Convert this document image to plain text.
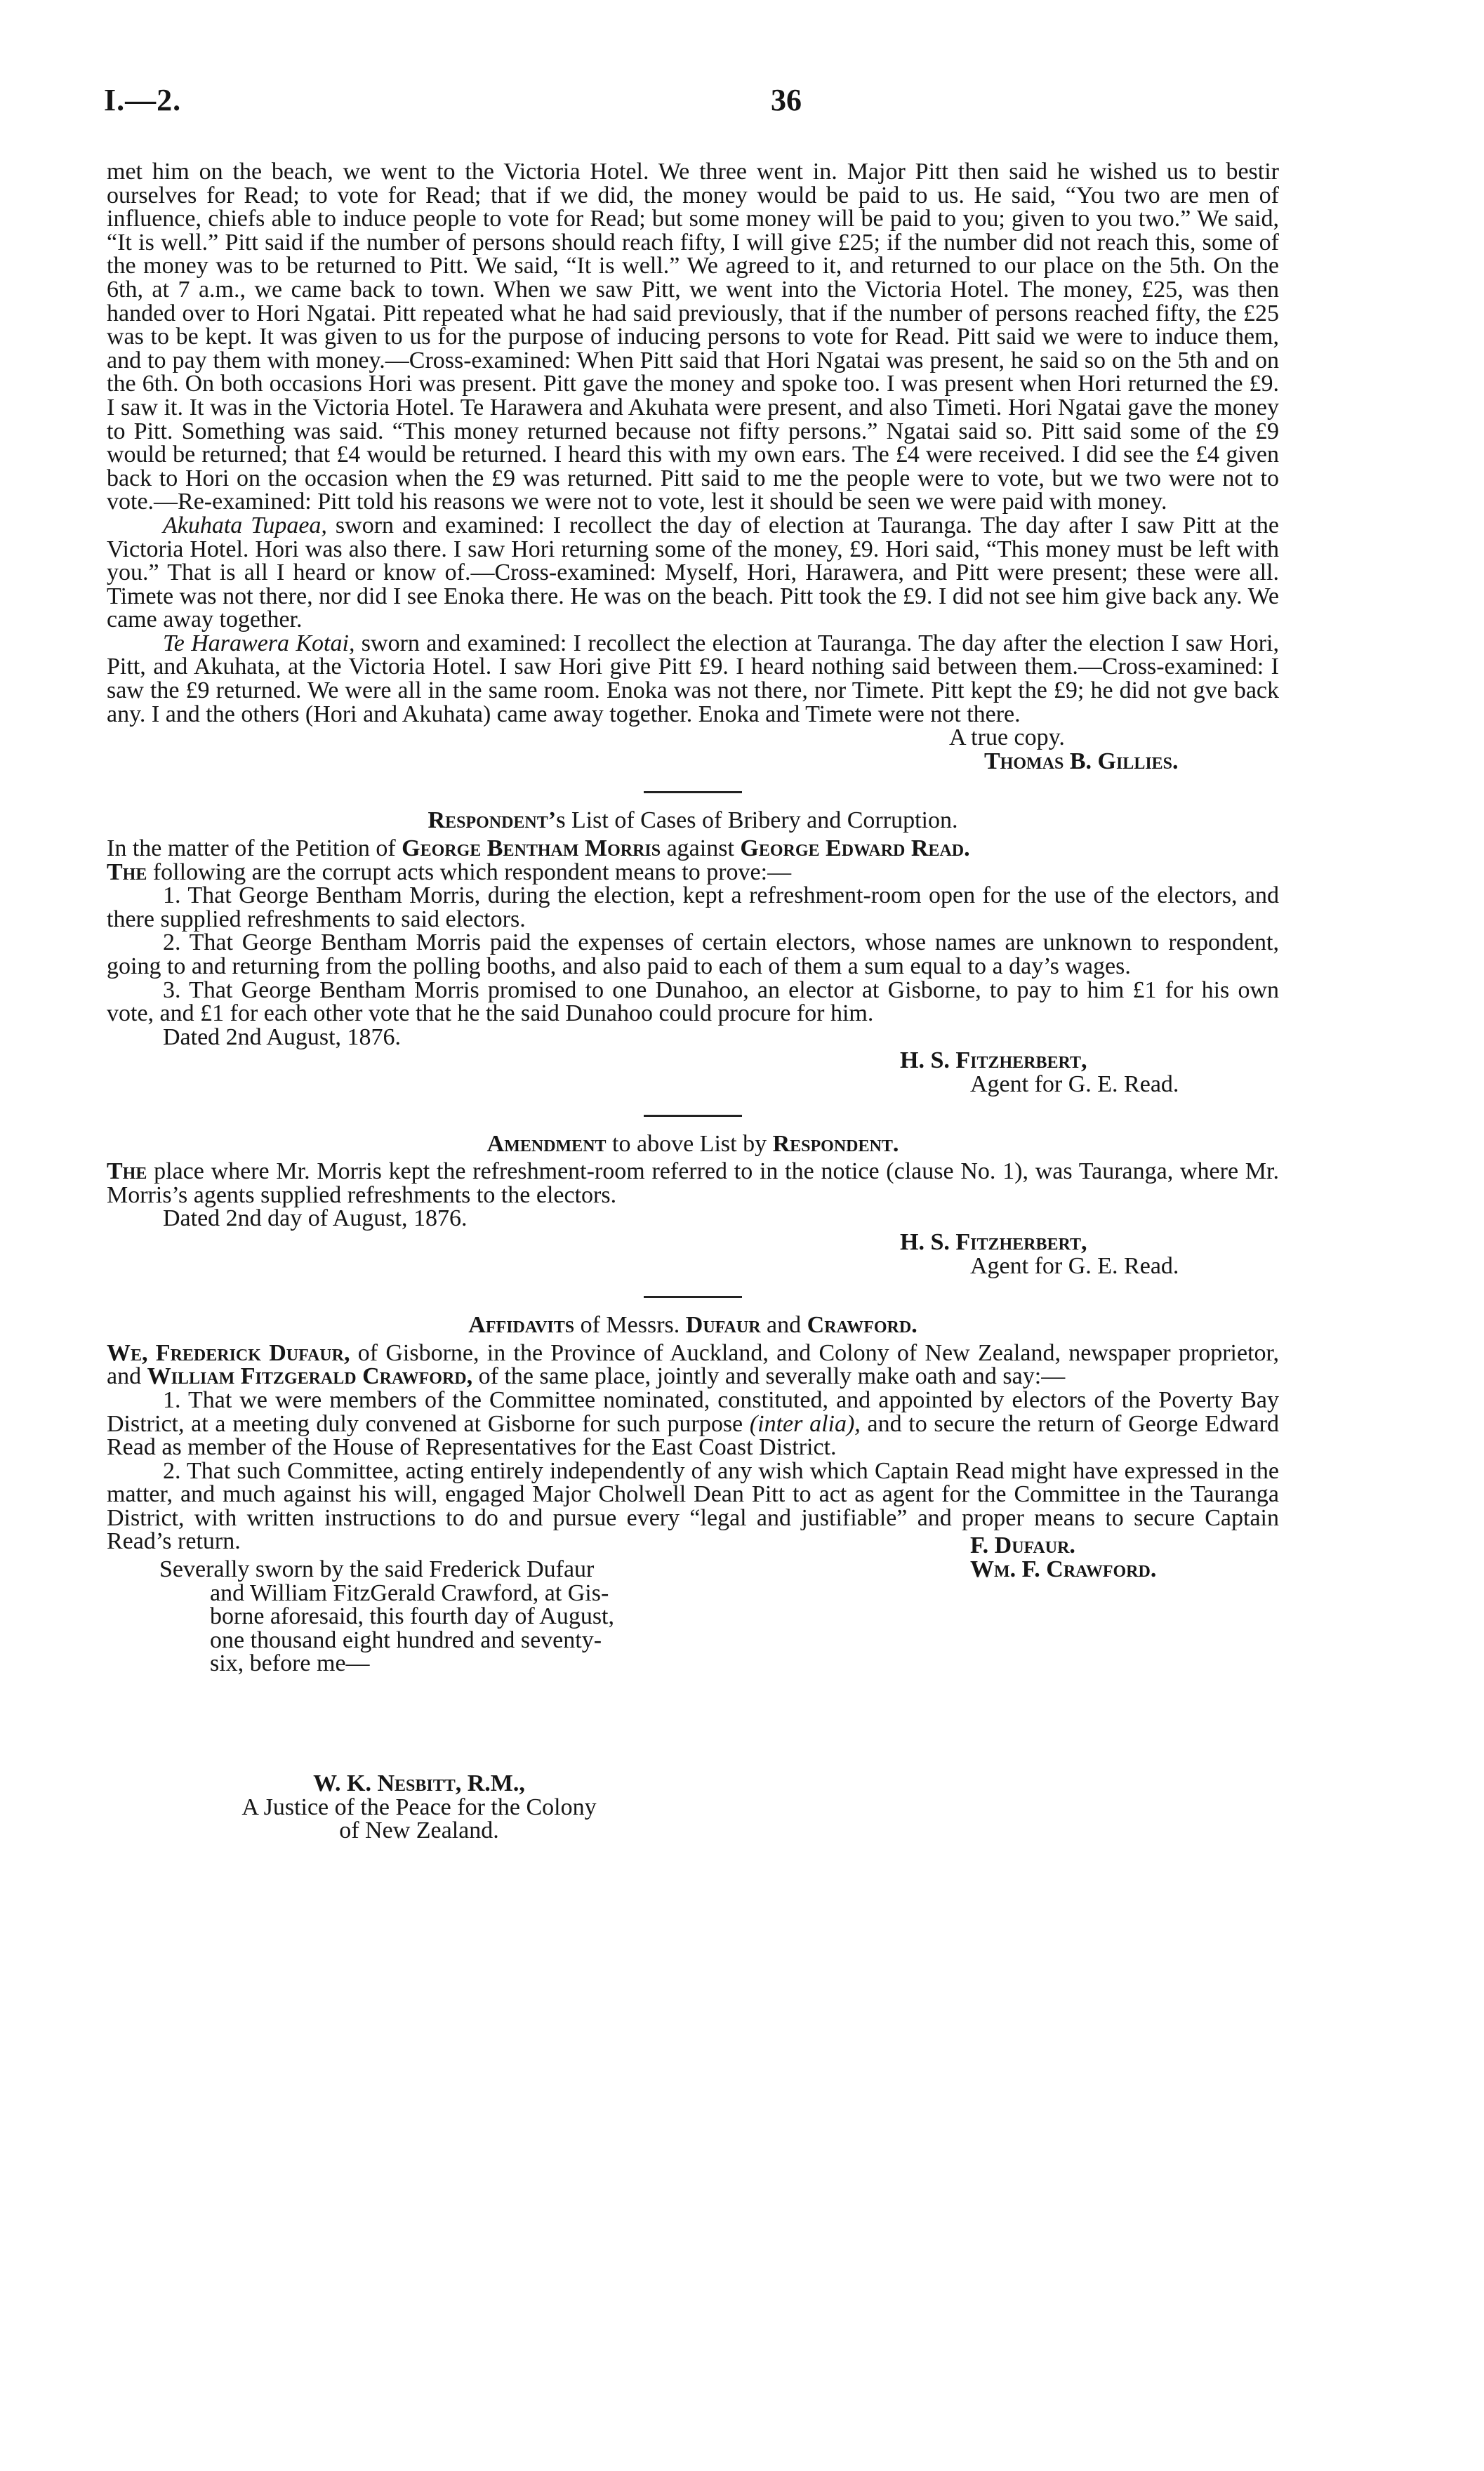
I.—2.	36

met him on the beach, we went to the Victoria Hotel. We three went in. Major Pitt then said he wished us to bestir ourselves for Read; to vote for Read; that if we did, the money would be paid to us. He said, “You two are men of influence, chiefs able to induce people to vote for Read; but some money will be paid to you; given to you two.” We said, “It is well.” Pitt said if the number of persons should reach fifty, I will give £25; if the number did not reach this, some of the money was to be returned to Pitt. We said, “It is well.” We agreed to it, and returned to our place on the 5th. On the 6th, at 7 a.m., we came back to town. When we saw Pitt, we went into the Victoria Hotel. The money, £25, was then handed over to Hori Ngatai. Pitt repeated what he had said previously, that if the number of persons reached fifty, the £25 was to be kept. It was given to us for the purpose of inducing persons to vote for Read. Pitt said we were to induce them, and to pay them with money.—Cross-examined: When Pitt said that Hori Ngatai was present, he said so on the 5th and on the 6th. On both occasions Hori was present. Pitt gave the money and spoke too. I was present when Hori returned the £9. I saw it. It was in the Victoria Hotel. Te Harawera and Akuhata were present, and also Timeti. Hori Ngatai gave the money to Pitt. Something was said. “This money returned because not fifty persons.” Ngatai said so. Pitt said some of the £9 would be returned; that £4 would be returned. I heard this with my own ears. The £4 were received. I did see the £4 given back to Hori on the occasion when the £9 was returned. Pitt said to me the people were to vote, but we two were not to vote.—Re-examined: Pitt told his reasons we were not to vote, lest it should be seen we were paid with money.

Akuhata Tupaea, sworn and examined: I recollect the day of election at Tauranga. The day after I saw Pitt at the Victoria Hotel. Hori was also there. I saw Hori returning some of the money, £9. Hori said, “This money must be left with you.” That is all I heard or know of.—Cross-examined: Myself, Hori, Harawera, and Pitt were present; these were all. Timete was not there, nor did I see Enoka there. He was on the beach. Pitt took the £9. I did not see him give back any. We came away together.

Te Harawera Kotai, sworn and examined: I recollect the election at Tauranga. The day after the election I saw Hori, Pitt, and Akuhata, at the Victoria Hotel. I saw Hori give Pitt £9. I heard nothing said between them.—Cross-examined: I saw the £9 returned. We were all in the same room. Enoka was not there, nor Timete. Pitt kept the £9; he did not gve back any. I and the others (Hori and Akuhata) came away together. Enoka and Timete were not there.

A true copy.

Thomas B. Gillies.

Respondent’s List of Cases of Bribery and Corruption.

In the matter of the Petition of George Bentham Morris against George Edward Read.

The following are the corrupt acts which respondent means to prove:—

1. That George Bentham Morris, during the election, kept a refreshment-room open for the use of the electors, and there supplied refreshments to said electors.

2. That George Bentham Morris paid the expenses of certain electors, whose names are unknown to respondent, going to and returning from the polling booths, and also paid to each of them a sum equal to a day’s wages.

3. That George Bentham Morris promised to one Dunahoo, an elector at Gisborne, to pay to him £1 for his own vote, and £1 for each other vote that he the said Dunahoo could procure for him.

Dated 2nd August, 1876.

H. S. Fitzherbert,

Agent for G. E. Read.

Amendment to above List by Respondent.

The place where Mr. Morris kept the refreshment-room referred to in the notice (clause No. 1), was Tauranga, where Mr. Morris’s agents supplied refreshments to the electors.

Dated 2nd day of August, 1876.

H. S. Fitzherbert,

Agent for G. E. Read.

Affidavits of Messrs. Dufaur and Crawford.

We, Frederick Dufaur, of Gisborne, in the Province of Auckland, and Colony of New Zealand, newspaper proprietor, and William Fitzgerald Crawford, of the same place, jointly and severally make oath and say:—

1. That we were members of the Committee nominated, constituted, and appointed by electors of the Poverty Bay District, at a meeting duly convened at Gisborne for such purpose (inter alia), and to secure the return of George Edward Read as member of the House of Representatives for the East Coast District.

2. That such Committee, acting entirely independently of any wish which Captain Read might have expressed in the matter, and much against his will, engaged Major Cholwell Dean Pitt to act as agent for the Committee in the Tauranga District, with written instructions to do and pursue every “legal and justifiable” and proper means to secure Captain Read’s return.	F. Dufaur.
Wm. F. Crawford.
Severally sworn by the said Frederick Dufaur
and William FitzGerald Crawford, at Gis-
borne aforesaid, this fourth day of August,
one thousand eight hundred and seventy-
six, before me—
W. K. Nesbitt, R.M.,
A Justice of the Peace for the Colony
of New Zealand.
